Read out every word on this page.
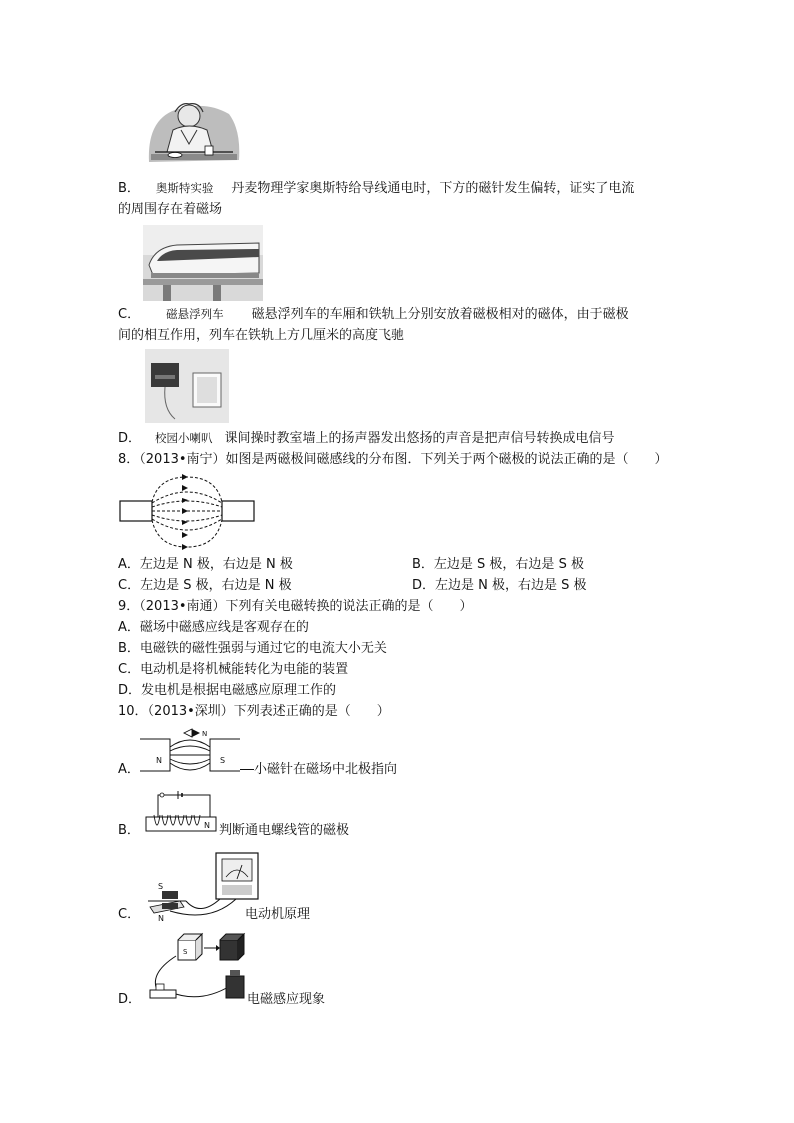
B． 奥斯特实验 丹麦物理学家奥斯特给导线通电时，下方的磁针发生偏转，证实了电流
的周围存在着磁场
C． 磁悬浮列车 磁悬浮列车的车厢和铁轨上分别安放着磁极相对的磁体，由于磁极
间的相互作用，列车在铁轨上方几厘米的高度飞驰
D． 校园小喇叭 课间操时教室墙上的扬声器发出悠扬的声音是把声信号转换成电信号
8．（2013•南宁）如图是两磁极间磁感线的分布图．下列关于两个磁极的说法正确的是（　　）
A．左边是 N 极，右边是 N 极	B．左边是 S 极，右边是 S 极
C．左边是 S 极，右边是 N 极	D．左边是 N 极，右边是 S 极
9．（2013•南通）下列有关电磁转换的说法正确的是（　　）
A．磁场中磁感应线是客观存在的
B．电磁铁的磁性强弱与通过它的电流大小无关
C．电动机是将机械能转化为电能的装置
D．发电机是根据电磁感应原理工作的
10．（2013•深圳）下列表述正确的是（　　）
N
N	S
A．	小磁针在磁场中北极指向
N
B．	判断通电螺线管的磁极
S
N
C．	电动机原理
S
D．	电磁感应现象
